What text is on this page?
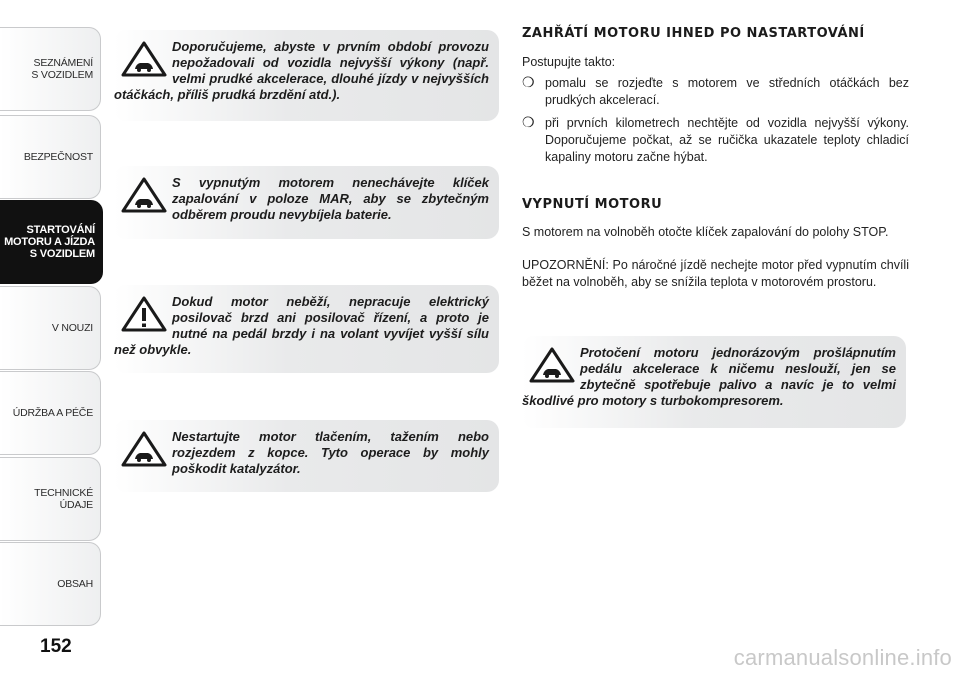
SEZNÁMENÍ
S VOZIDLEM
BEZPEČNOST
STARTOVÁNÍ
MOTORU A JÍZDA
S VOZIDLEM
V NOUZI
ÚDRŽBA A PÉČE
TECHNICKÉ
ÚDAJE
OBSAH
152
Doporučujeme, abyste v prvním období provozu nepožadovali od vozidla nejvyšší výkony (např. velmi prudké akcelerace, dlouhé jízdy v nejvyšších otáčkách, příliš prudká brzdění atd.).
S vypnutým motorem nenechávejte klíček zapalování v poloze MAR, aby se zbytečným odběrem proudu nevybíjela baterie.
Dokud motor neběží, nepracuje elektrický posilovač brzd ani posilovač řízení, a proto je nutné na pedál brzdy i na volant vyvíjet vyšší sílu než obvykle.
Nestartujte motor tlačením, tažením nebo rozjezdem z kopce. Tyto operace by mohly poškodit katalyzátor.
ZAHŘÁTÍ MOTORU IHNED PO NASTARTOVÁNÍ
Postupujte takto:
❍ pomalu se rozjeďte s motorem ve středních otáčkách bez prudkých akcelerací.
❍ při prvních kilometrech nechtějte od vozidla nejvyšší výkony. Doporučujeme počkat, až se ručička ukazatele teploty chladicí kapaliny motoru začne hýbat.
VYPNUTÍ MOTORU
S motorem na volnoběh otočte klíček zapalování do polohy STOP.
UPOZORNĚNÍ: Po náročné jízdě nechejte motor před vypnutím chvíli běžet na volnoběh, aby se snížila teplota v motorovém prostoru.
Protočení motoru jednorázovým prošlápnutím pedálu akcelerace k ničemu neslouží, jen se zbytečně spotřebuje palivo a navíc je to velmi škodlivé pro motory s turbokompresorem.
carmanualsonline.info
